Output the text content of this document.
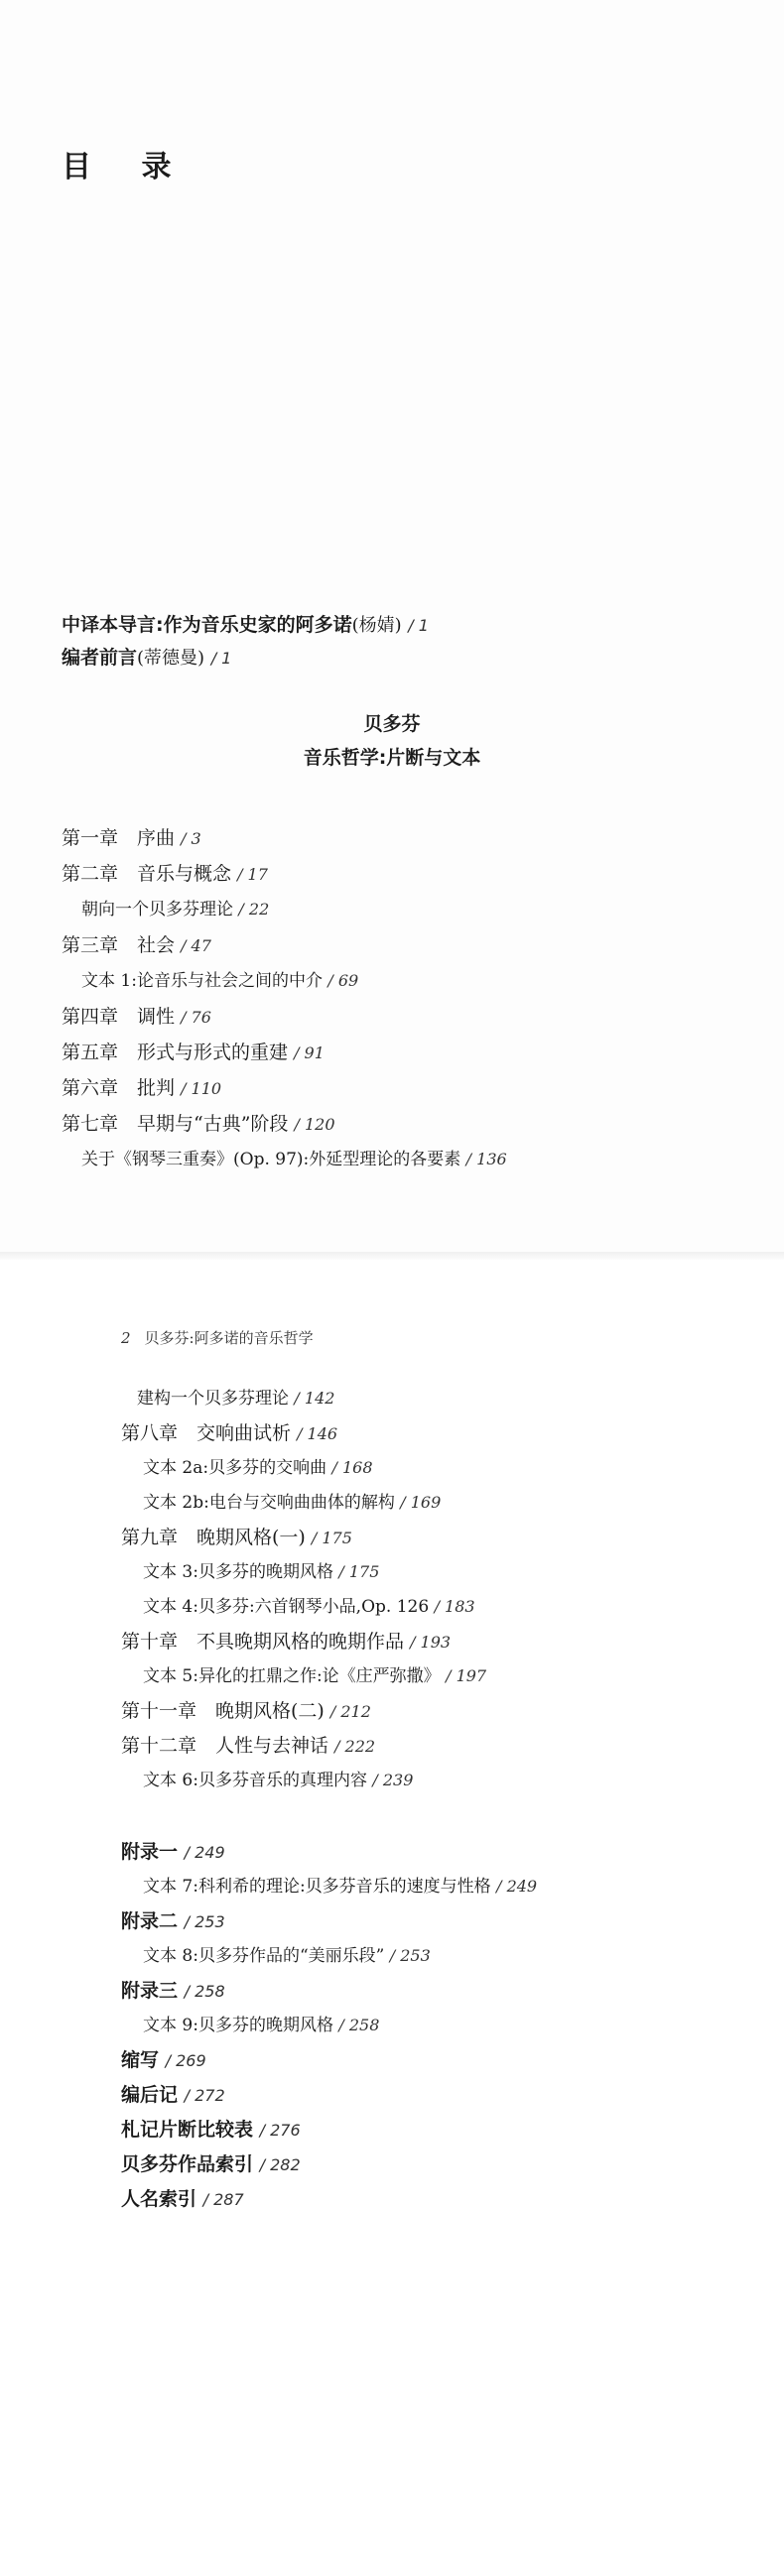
目 录
中译本导言:作为音乐史家的阿多诺(杨婧) / 1
编者前言(蒂德曼) / 1
贝多芬
音乐哲学:片断与文本
第一章　序曲 / 3
第二章　音乐与概念 / 17
朝向一个贝多芬理论 / 22
第三章　社会 / 47
文本 1:论音乐与社会之间的中介 / 69
第四章　调性 / 76
第五章　形式与形式的重建 / 91
第六章　批判 / 110
第七章　早期与“古典”阶段 / 120
关于《钢琴三重奏》(Op. 97):外延型理论的各要素 / 136
2 贝多芬:阿多诺的音乐哲学
建构一个贝多芬理论 / 142
第八章　交响曲试析 / 146
文本 2a:贝多芬的交响曲 / 168
文本 2b:电台与交响曲曲体的解构 / 169
第九章　晚期风格(一) / 175
文本 3:贝多芬的晚期风格 / 175
文本 4:贝多芬:六首钢琴小品,Op. 126 / 183
第十章　不具晚期风格的晚期作品 / 193
文本 5:异化的扛鼎之作:论《庄严弥撒》 / 197
第十一章　晚期风格(二) / 212
第十二章　人性与去神话 / 222
文本 6:贝多芬音乐的真理内容 / 239
附录一 / 249
文本 7:科利希的理论:贝多芬音乐的速度与性格 / 249
附录二 / 253
文本 8:贝多芬作品的“美丽乐段” / 253
附录三 / 258
文本 9:贝多芬的晚期风格 / 258
缩写 / 269
编后记 / 272
札记片断比较表 / 276
贝多芬作品索引 / 282
人名索引 / 287
